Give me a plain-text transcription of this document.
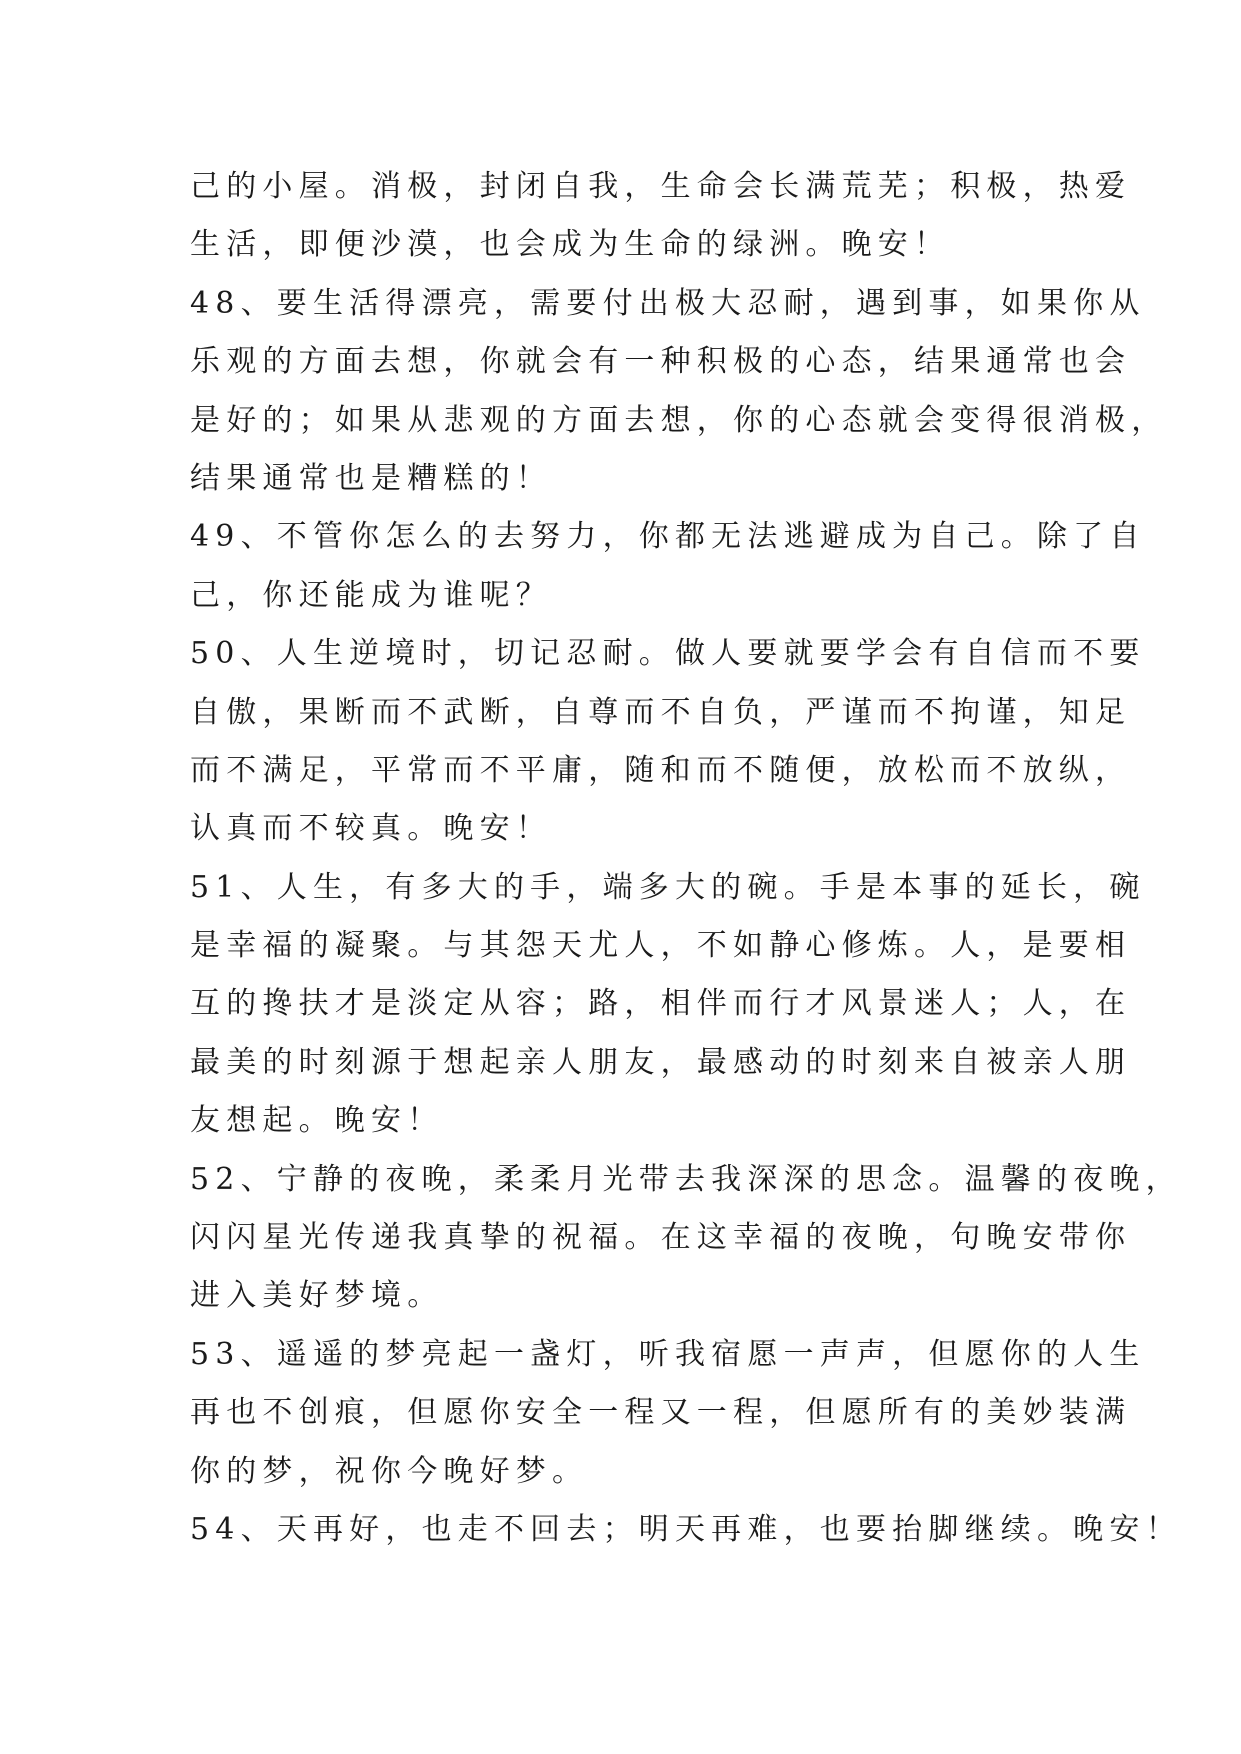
己的小屋。消极，封闭自我，生命会长满荒芜；积极，热爱
生活，即便沙漠，也会成为生命的绿洲。晚安！
48、要生活得漂亮，需要付出极大忍耐，遇到事，如果你从
乐观的方面去想，你就会有一种积极的心态，结果通常也会
是好的；如果从悲观的方面去想，你的心态就会变得很消极，
结果通常也是糟糕的！
49、不管你怎么的去努力，你都无法逃避成为自己。除了自
己，你还能成为谁呢？
50、人生逆境时，切记忍耐。做人要就要学会有自信而不要
自傲，果断而不武断，自尊而不自负，严谨而不拘谨，知足
而不满足，平常而不平庸，随和而不随便，放松而不放纵，
认真而不较真。晚安！
51、人生，有多大的手，端多大的碗。手是本事的延长，碗
是幸福的凝聚。与其怨天尤人，不如静心修炼。人，是要相
互的搀扶才是淡定从容；路，相伴而行才风景迷人；人，在
最美的时刻源于想起亲人朋友，最感动的时刻来自被亲人朋
友想起。晚安！
52、宁静的夜晚，柔柔月光带去我深深的思念。温馨的夜晚，
闪闪星光传递我真挚的祝福。在这幸福的夜晚，句晚安带你
进入美好梦境。
53、遥遥的梦亮起一盏灯，听我宿愿一声声，但愿你的人生
再也不创痕，但愿你安全一程又一程，但愿所有的美妙装满
你的梦，祝你今晚好梦。
54、天再好，也走不回去；明天再难，也要抬脚继续。晚安！
